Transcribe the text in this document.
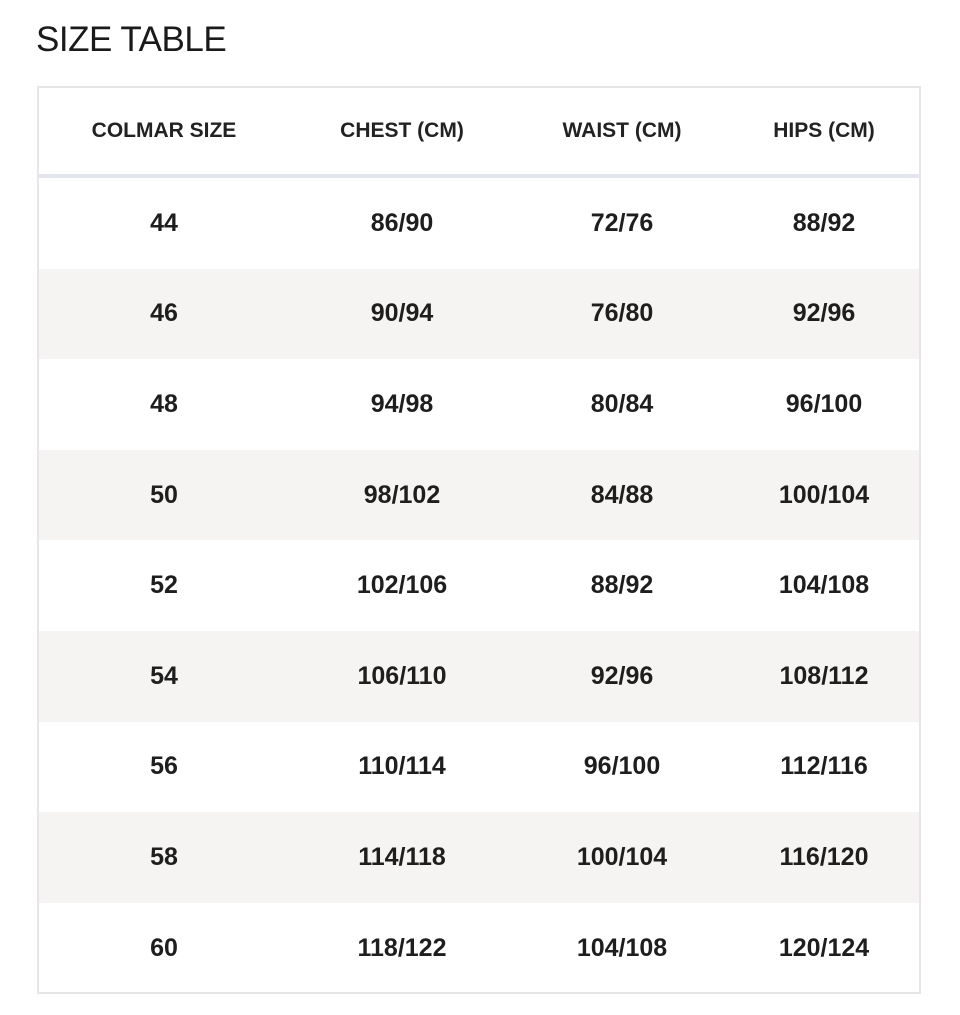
SIZE TABLE
COLMAR SIZE	CHEST (CM)	WAIST (CM)	HIPS (CM)
44	86/90	72/76	88/92
46	90/94	76/80	92/96
48	94/98	80/84	96/100
50	98/102	84/88	100/104
52	102/106	88/92	104/108
54	106/110	92/96	108/112
56	110/114	96/100	112/116
58	114/118	100/104	116/120
60	118/122	104/108	120/124
